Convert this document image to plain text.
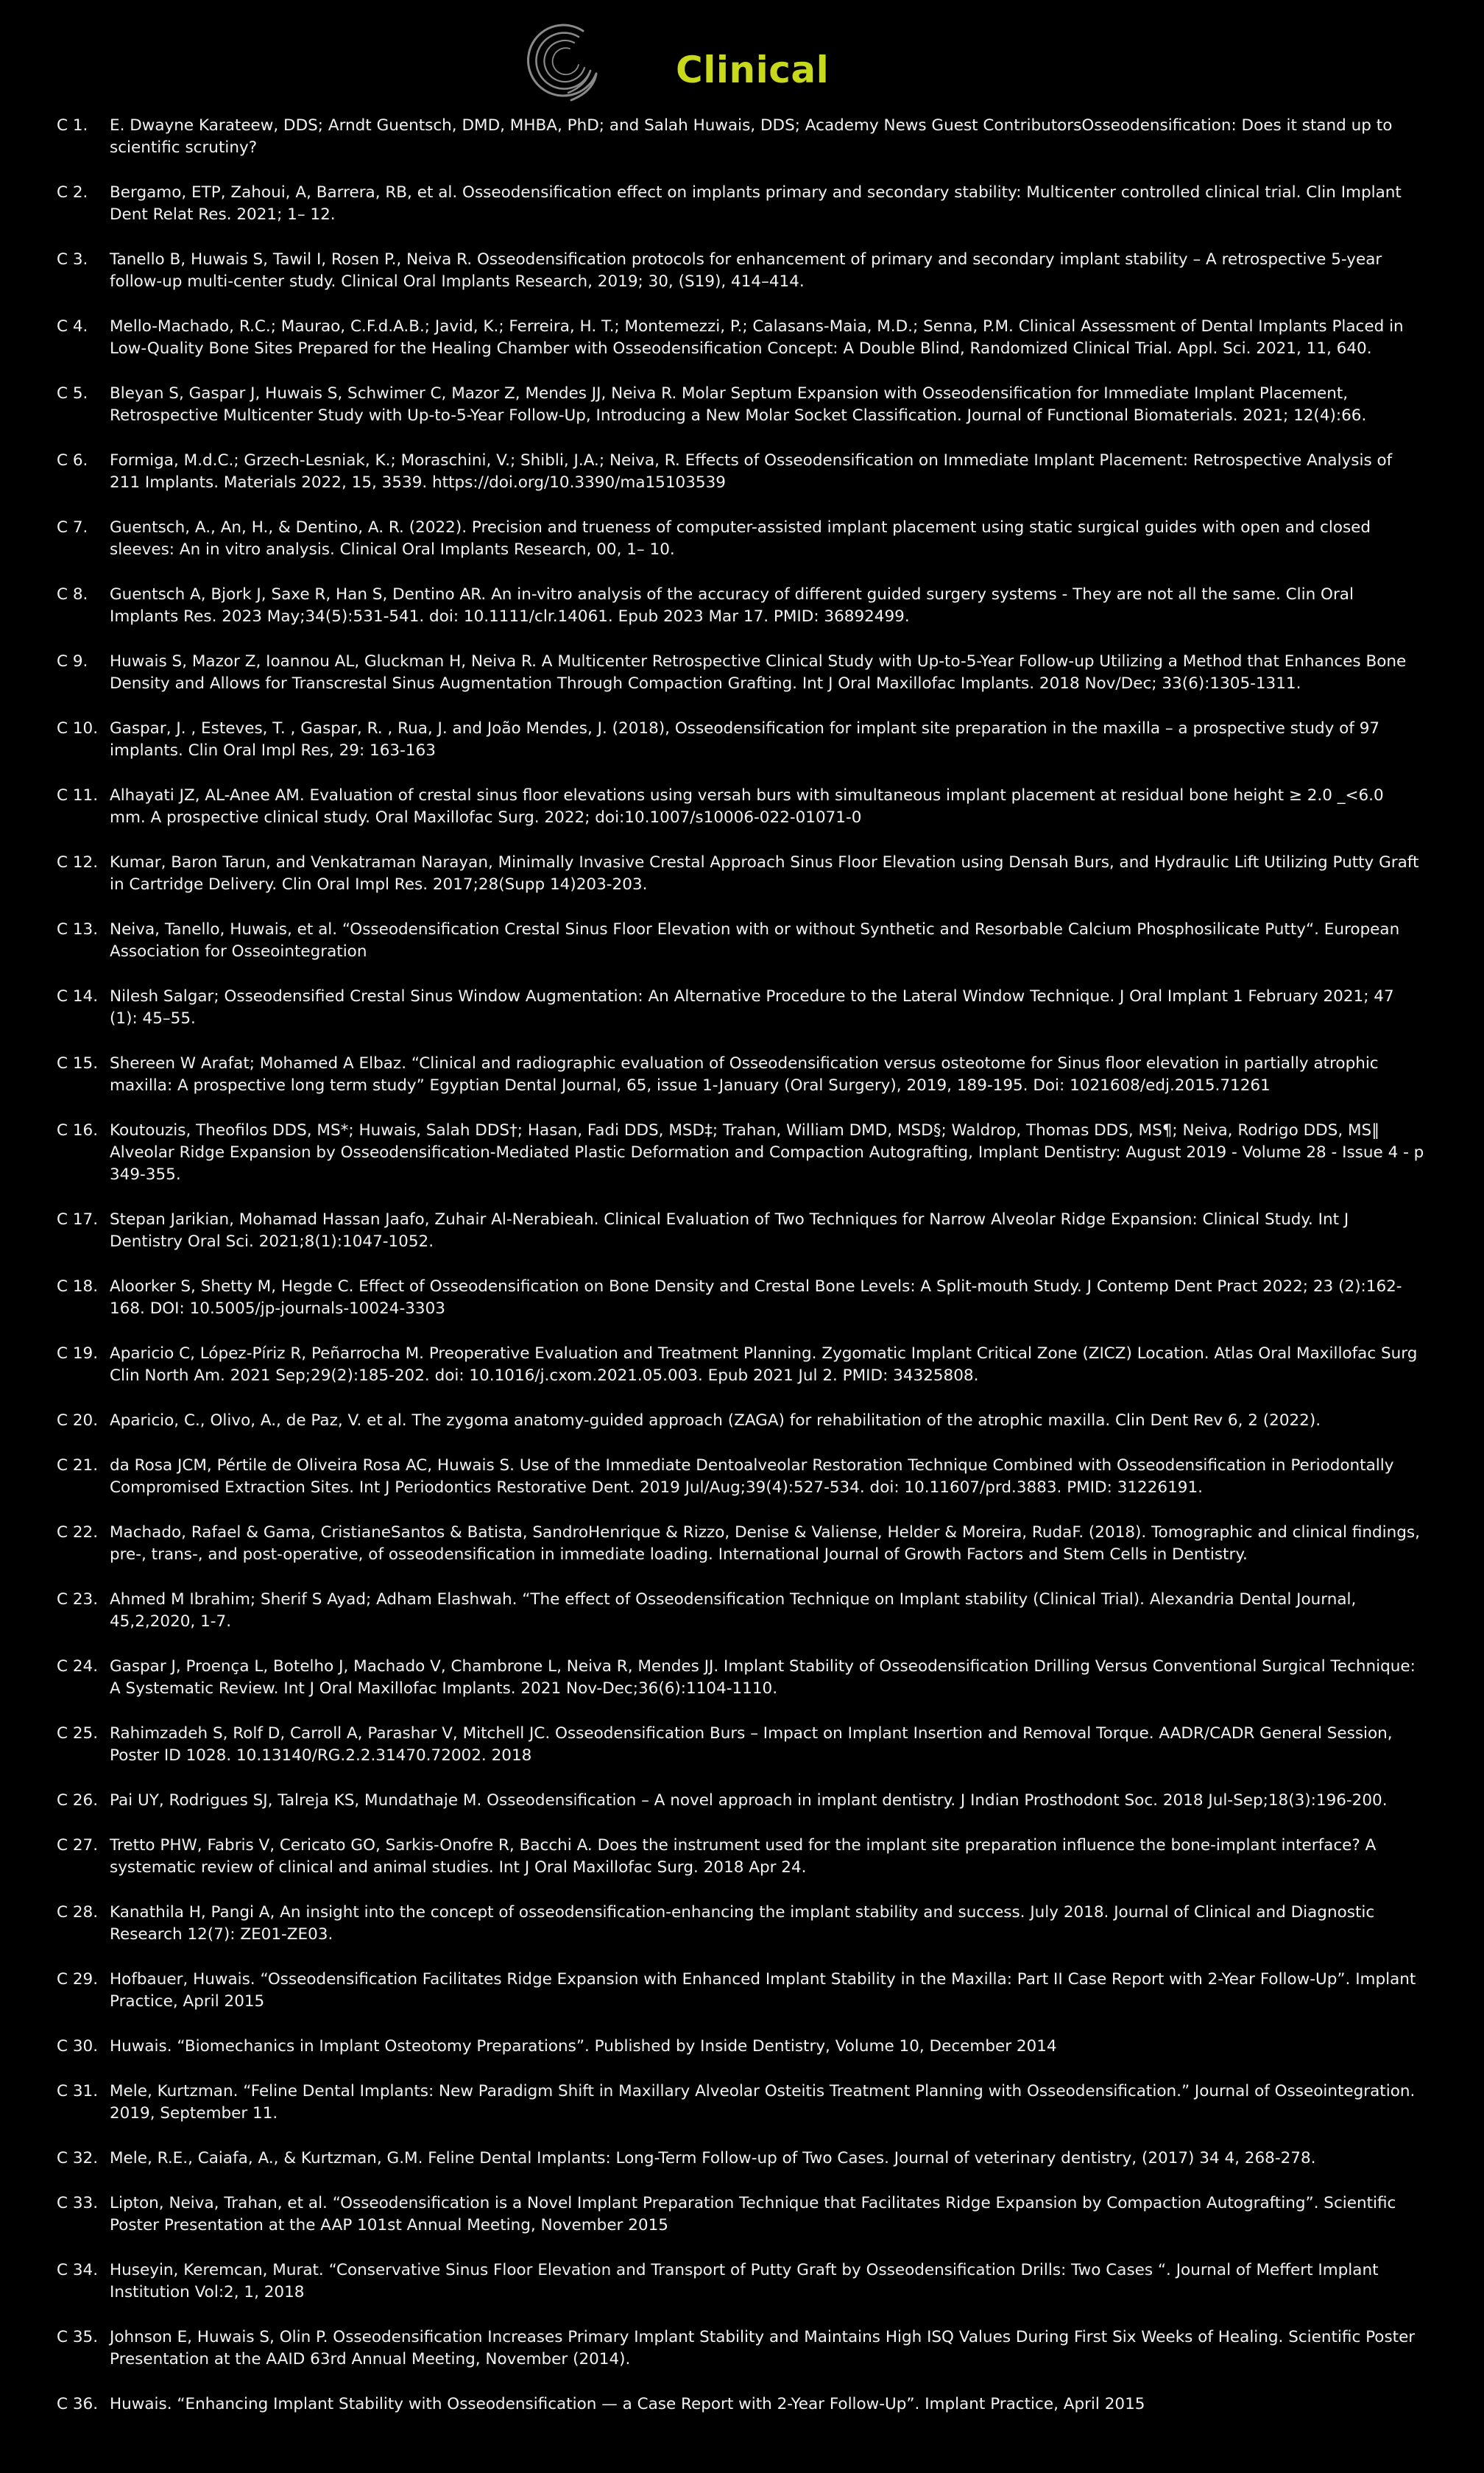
Clinical
C 1.	E. Dwayne Karateew, DDS; Arndt Guentsch, DMD, MHBA, PhD; and Salah Huwais, DDS; Academy News Guest ContributorsOsseodensification: Does it stand up to scientific scrutiny?
C 2.	Bergamo, ETP, Zahoui, A, Barrera, RB, et al. Osseodensification effect on implants primary and secondary stability: Multicenter controlled clinical trial. Clin Implant Dent Relat Res. 2021; 1– 12.
C 3.	Tanello B, Huwais S, Tawil I, Rosen P., Neiva R. Osseodensification protocols for enhancement of primary and secondary implant stability – A retrospective 5-year follow-up multi-center study. Clinical Oral Implants Research, 2019; 30, (S19), 414–414.
C 4.	Mello-Machado, R.C.; Maurao, C.F.d.A.B.; Javid, K.; Ferreira, H. T.; Montemezzi, P.; Calasans-Maia, M.D.; Senna, P.M. Clinical Assessment of Dental Implants Placed in Low-Quality Bone Sites Prepared for the Healing Chamber with Osseodensification Concept: A Double Blind, Randomized Clinical Trial. Appl. Sci. 2021, 11, 640.
C 5.	Bleyan S, Gaspar J, Huwais S, Schwimer C, Mazor Z, Mendes JJ, Neiva R. Molar Septum Expansion with Osseodensification for Immediate Implant Placement, Retrospective Multicenter Study with Up-to-5-Year Follow-Up, Introducing a New Molar Socket Classification. Journal of Functional Biomaterials. 2021; 12(4):66.
C 6.	Formiga, M.d.C.; Grzech-Lesniak, K.; Moraschini, V.; Shibli, J.A.; Neiva, R. Effects of Osseodensification on Immediate Implant Placement: Retrospective Analysis of 211 Implants. Materials 2022, 15, 3539. https://doi.org/10.3390/ma15103539
C 7.	Guentsch, A., An, H., & Dentino, A. R. (2022). Precision and trueness of computer-assisted implant placement using static surgical guides with open and closed sleeves: An in vitro analysis. Clinical Oral Implants Research, 00, 1– 10.
C 8.	Guentsch A, Bjork J, Saxe R, Han S, Dentino AR. An in-vitro analysis of the accuracy of different guided surgery systems - They are not all the same. Clin Oral Implants Res. 2023 May;34(5):531-541. doi: 10.1111/clr.14061. Epub 2023 Mar 17. PMID: 36892499.
C 9.	Huwais S, Mazor Z, Ioannou AL, Gluckman H, Neiva R. A Multicenter Retrospective Clinical Study with Up-to-5-Year Follow-up Utilizing a Method that Enhances Bone Density and Allows for Transcrestal Sinus Augmentation Through Compaction Grafting. Int J Oral Maxillofac Implants. 2018 Nov/Dec; 33(6):1305-1311.
C 10. Gaspar, J. , Esteves, T. , Gaspar, R. , Rua, J. and João Mendes, J. (2018), Osseodensification for implant site preparation in the maxilla – a prospective study of 97 implants. Clin Oral Impl Res, 29: 163-163
C 11. Alhayati JZ, AL-Anee AM. Evaluation of crestal sinus floor elevations using versah burs with simultaneous implant placement at residual bone height ≥ 2.0 _<6.0 mm. A prospective clinical study. Oral Maxillofac Surg. 2022; doi:10.1007/s10006-022-01071-0
C 12. Kumar, Baron Tarun, and Venkatraman Narayan, Minimally Invasive Crestal Approach Sinus Floor Elevation using Densah Burs, and Hydraulic Lift Utilizing Putty Graft in Cartridge Delivery. Clin Oral Impl Res. 2017;28(Supp 14)203-203.
C 13. Neiva, Tanello, Huwais, et al. “Osseodensification Crestal Sinus Floor Elevation with or without Synthetic and Resorbable Calcium Phosphosilicate Putty“. European Association for Osseointegration
C 14. Nilesh Salgar; Osseodensified Crestal Sinus Window Augmentation: An Alternative Procedure to the Lateral Window Technique. J Oral Implant 1 February 2021; 47 (1): 45–55.
C 15. Shereen W Arafat; Mohamed A Elbaz. “Clinical and radiographic evaluation of Osseodensification versus osteotome for Sinus floor elevation in partially atrophic maxilla: A prospective long term study” Egyptian Dental Journal, 65, issue 1-January (Oral Surgery), 2019, 189-195. Doi: 1021608/edj.2015.71261
C 16. Koutouzis, Theofilos DDS, MS*; Huwais, Salah DDS†; Hasan, Fadi DDS, MSD‡; Trahan, William DMD, MSD§; Waldrop, Thomas DDS, MS¶; Neiva, Rodrigo DDS, MS‖ Alveolar Ridge Expansion by Osseodensification-Mediated Plastic Deformation and Compaction Autografting, Implant Dentistry: August 2019 - Volume 28 - Issue 4 - p 349-355.
C 17. Stepan Jarikian, Mohamad Hassan Jaafo, Zuhair Al-Nerabieah. Clinical Evaluation of Two Techniques for Narrow Alveolar Ridge Expansion: Clinical Study. Int J Dentistry Oral Sci. 2021;8(1):1047-1052.
C 18. Aloorker S, Shetty M, Hegde C. Effect of Osseodensification on Bone Density and Crestal Bone Levels: A Split-mouth Study. J Contemp Dent Pract 2022; 23 (2):162-168. DOI: 10.5005/jp-journals-10024-3303
C 19. Aparicio C, López-Píriz R, Peñarrocha M. Preoperative Evaluation and Treatment Planning. Zygomatic Implant Critical Zone (ZICZ) Location. Atlas Oral Maxillofac Surg Clin North Am. 2021 Sep;29(2):185-202. doi: 10.1016/j.cxom.2021.05.003. Epub 2021 Jul 2. PMID: 34325808.
C 20. Aparicio, C., Olivo, A., de Paz, V. et al. The zygoma anatomy-guided approach (ZAGA) for rehabilitation of the atrophic maxilla. Clin Dent Rev 6, 2 (2022).
C 21. da Rosa JCM, Pértile de Oliveira Rosa AC, Huwais S. Use of the Immediate Dentoalveolar Restoration Technique Combined with Osseodensification in Periodontally Compromised Extraction Sites. Int J Periodontics Restorative Dent. 2019 Jul/Aug;39(4):527-534. doi: 10.11607/prd.3883. PMID: 31226191.
C 22. Machado, Rafael & Gama, CristianeSantos & Batista, SandroHenrique & Rizzo, Denise & Valiense, Helder & Moreira, RudaF. (2018). Tomographic and clinical findings, pre-, trans-, and post-operative, of osseodensification in immediate loading. International Journal of Growth Factors and Stem Cells in Dentistry.
C 23. Ahmed M Ibrahim; Sherif S Ayad; Adham Elashwah. “The effect of Osseodensification Technique on Implant stability (Clinical Trial). Alexandria Dental Journal, 45,2,2020, 1-7.
C 24. Gaspar J, Proença L, Botelho J, Machado V, Chambrone L, Neiva R, Mendes JJ. Implant Stability of Osseodensification Drilling Versus Conventional Surgical Technique: A Systematic Review. Int J Oral Maxillofac Implants. 2021 Nov-Dec;36(6):1104-1110.
C 25. Rahimzadeh S, Rolf D, Carroll A, Parashar V, Mitchell JC. Osseodensification Burs – Impact on Implant Insertion and Removal Torque. AADR/CADR General Session, Poster ID 1028. 10.13140/RG.2.2.31470.72002. 2018
C 26. Pai UY, Rodrigues SJ, Talreja KS, Mundathaje M. Osseodensification – A novel approach in implant dentistry. J Indian Prosthodont Soc. 2018 Jul-Sep;18(3):196-200.
C 27. Tretto PHW, Fabris V, Cericato GO, Sarkis-Onofre R, Bacchi A. Does the instrument used for the implant site preparation influence the bone-implant interface? A systematic review of clinical and animal studies. Int J Oral Maxillofac Surg. 2018 Apr 24.
C 28. Kanathila H, Pangi A, An insight into the concept of osseodensification-enhancing the implant stability and success. July 2018. Journal of Clinical and Diagnostic Research 12(7): ZE01-ZE03.
C 29. Hofbauer, Huwais. “Osseodensification Facilitates Ridge Expansion with Enhanced Implant Stability in the Maxilla: Part II Case Report with 2-Year Follow-Up”. Implant Practice, April 2015
C 30. Huwais. “Biomechanics in Implant Osteotomy Preparations”. Published by Inside Dentistry, Volume 10, December 2014
C 31. Mele, Kurtzman. “Feline Dental Implants: New Paradigm Shift in Maxillary Alveolar Osteitis Treatment Planning with Osseodensification.” Journal of Osseointegration. 2019, September 11.
C 32. Mele, R.E., Caiafa, A., & Kurtzman, G.M. Feline Dental Implants: Long-Term Follow-up of Two Cases. Journal of veterinary dentistry, (2017) 34 4, 268-278.
C 33. Lipton, Neiva, Trahan, et al. “Osseodensification is a Novel Implant Preparation Technique that Facilitates Ridge Expansion by Compaction Autografting”. Scientific Poster Presentation at the AAP 101st Annual Meeting, November 2015
C 34. Huseyin, Keremcan, Murat. “Conservative Sinus Floor Elevation and Transport of Putty Graft by Osseodensification Drills: Two Cases “. Journal of Meffert Implant Institution Vol:2, 1, 2018
C 35. Johnson E, Huwais S, Olin P. Osseodensification Increases Primary Implant Stability and Maintains High ISQ Values During First Six Weeks of Healing. Scientific Poster Presentation at the AAID 63rd Annual Meeting, November (2014).
C 36. Huwais. “Enhancing Implant Stability with Osseodensification — a Case Report with 2-Year Follow-Up”. Implant Practice, April 2015
